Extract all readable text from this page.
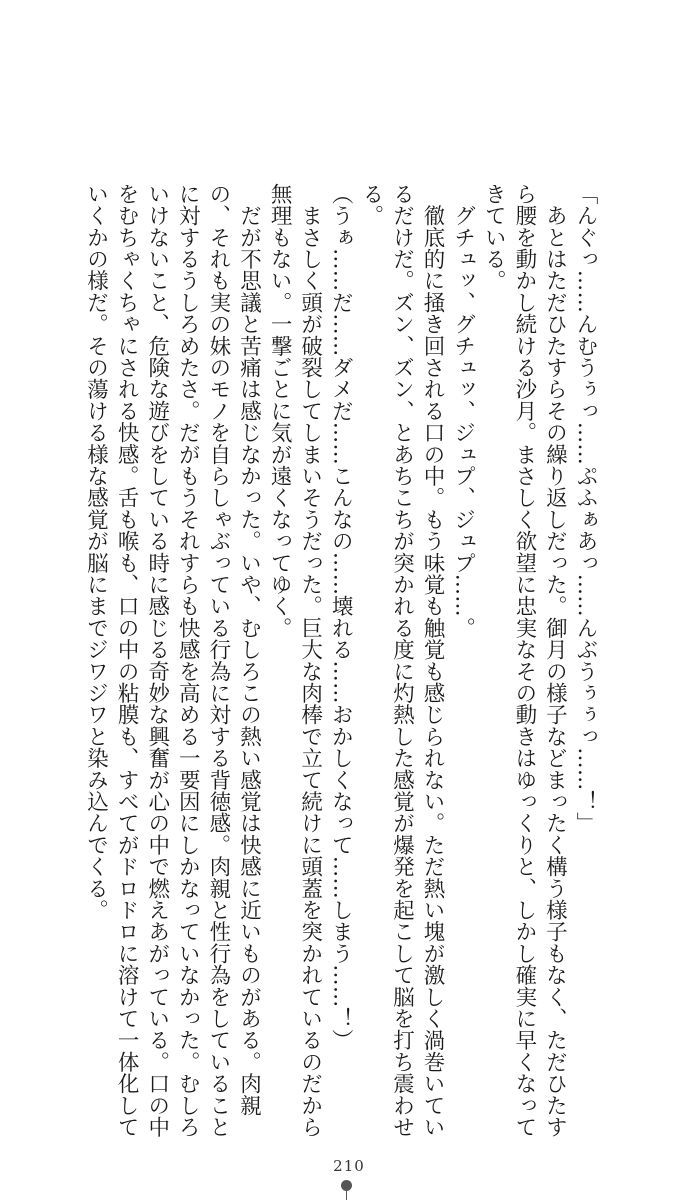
「んぐっ……んむうぅっ……ぷふぁあっ……んぶうぅぅっ……！」

　あとはただひたすらその繰り返しだった。御月の様子などまったく構う様子もなく、ただひたすら腰を動かし続ける沙月。まさしく欲望に忠実なその動きはゆっくりと、しかし確実に早くなってきている。

　グチュッ、グチュッ、ジュプ、ジュプ……。

　徹底的に掻き回される口の中。もう味覚も触覚も感じられない。ただ熱い塊が激しく渦巻いているだけだ。ズン、ズン、とあちこちが突かれる度に灼熱した感覚が爆発を起こして脳を打ち震わせる。

（うぁ……だ……ダメだ……こんなの……壊れる……おかしくなって……しまう……！）

　まさしく頭が破裂してしまいそうだった。巨大な肉棒で立て続けに頭蓋を突かれているのだから無理もない。一撃ごとに気が遠くなってゆく。

　だが不思議と苦痛は感じなかった。いや、むしろこの熱い感覚は快感に近いものがある。肉親の、それも実の妹のモノを自らしゃぶっている行為に対する背徳感。肉親と性行為をしていることに対するうしろめたさ。だがもうそれすらも快感を高める一要因にしかなっていなかった。むしろいけないこと、危険な遊びをしている時に感じる奇妙な興奮が心の中で燃えあがっている。口の中をむちゃくちゃにされる快感。舌も喉も、口の中の粘膜も、すべてがドロドロに溶けて一体化していくかの様だ。その蕩ける様な感覚が脳にまでジワジワと染み込んでくる。

210
